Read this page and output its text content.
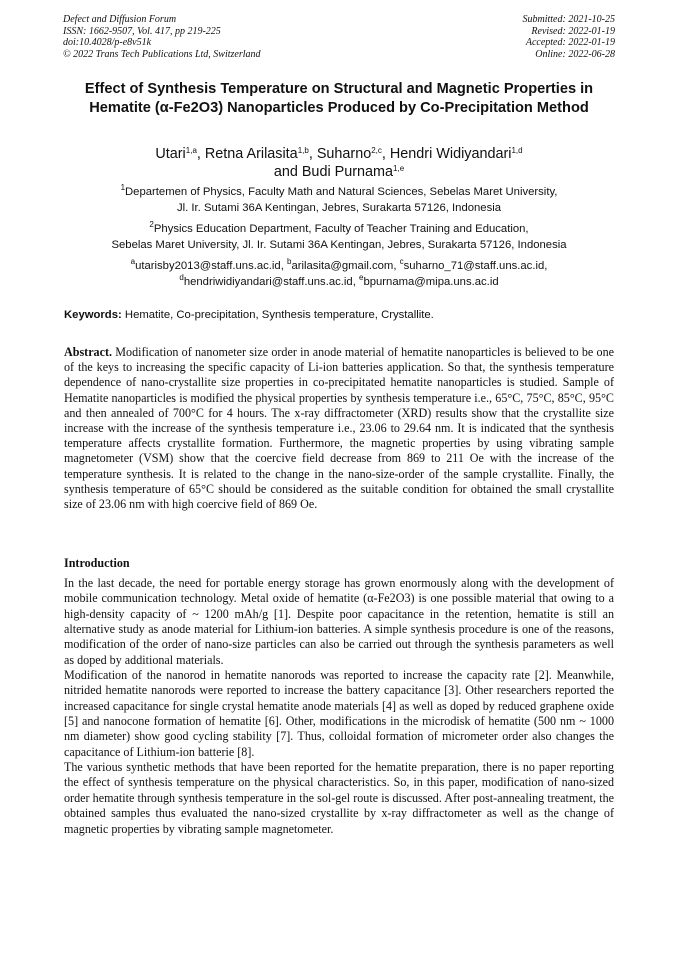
Defect and Diffusion Forum
ISSN: 1662-9507, Vol. 417, pp 219-225
doi:10.4028/p-e8v51k
© 2022 Trans Tech Publications Ltd, Switzerland
Submitted: 2021-10-25
Revised: 2022-01-19
Accepted: 2022-01-19
Online: 2022-06-28
Effect of Synthesis Temperature on Structural and Magnetic Properties in Hematite (α-Fe2O3) Nanoparticles Produced by Co-Precipitation Method
Utari$^{1,a}$, Retna Arilasita$^{1,b}$, Suharno$^{2,c}$, Hendri Widiyandari$^{1,d}$
and Budi Purnama$^{1,e}$
$^1$Departemen of Physics, Faculty Math and Natural Sciences, Sebelas Maret University,
Jl. Ir. Sutami 36A Kentingan, Jebres, Surakarta 57126, Indonesia
$^2$Physics Education Department, Faculty of Teacher Training and Education,
Sebelas Maret University, Jl. Ir. Sutami 36A Kentingan, Jebres, Surakarta 57126, Indonesia
$^a$utarisby2013@staff.uns.ac.id, $^b$arilasita@gmail.com, $^c$suharno_71@staff.uns.ac.id,
$^d$hendriwidiyandari@staff.uns.ac.id, $^e$bpurnama@mipa.uns.ac.id
Keywords: Hematite, Co-precipitation, Synthesis temperature, Crystallite.
Abstract. Modification of nanometer size order in anode material of hematite nanoparticles is believed to be one of the keys to increasing the specific capacity of Li-ion batteries application. So that, the synthesis temperature dependence of nano-crystallite size properties in co-precipitated hematite nanoparticles is studied. Sample of Hematite nanoparticles is modified the physical properties by synthesis temperature i.e., 65°C, 75°C, 85°C, 95°C and then annealed of 700°C for 4 hours. The x-ray diffractometer (XRD) results show that the crystallite size increase with the increase of the synthesis temperature i.e., 23.06 to 29.64 nm. It is indicated that the synthesis temperature affects crystallite formation. Furthermore, the magnetic properties by using vibrating sample magnetometer (VSM) show that the coercive field decrease from 869 to 211 Oe with the increase of the temperature synthesis. It is related to the change in the nano-size-order of the sample crystallite. Finally, the synthesis temperature of 65°C should be considered as the suitable condition for obtained the small crystallite size of 23.06 nm with high coercive field of 869 Oe.
Introduction

In the last decade, the need for portable energy storage has grown enormously along with the development of mobile communication technology. Metal oxide of hematite (α-Fe2O3) is one possible material that owing to a high-density capacity of ~ 1200 mAh/g [1]. Despite poor capacitance in the retention, hematite is still an alternative study as anode material for Lithium-ion batteries. A simple synthesis procedure is one of the reasons, modification of the order of nano-size particles can also be carried out through the synthesis parameters as well as doped by additional materials.

Modification of the nanorod in hematite nanorods was reported to increase the capacity rate [2]. Meanwhile, nitrided hematite nanorods were reported to increase the battery capacitance [3]. Other researchers reported the increased capacitance for single crystal hematite anode materials [4] as well as doped by reduced graphene oxide [5] and nanocone formation of hematite [6]. Other, modifications in the microdisk of hematite (500 nm ~ 1000 nm diameter) show good cycling stability [7]. Thus, colloidal formation of micrometer order also changes the capacitance of Lithium-ion batterie [8].

The various synthetic methods that have been reported for the hematite preparation, there is no paper reporting the effect of synthesis temperature on the physical characteristics. So, in this paper, modification of nano-sized order hematite through synthesis temperature in the sol-gel route is discussed. After post-annealing treatment, the obtained samples thus evaluated the nano-sized crystallite by x-ray diffractometer as well as the change of magnetic properties by vibrating sample magnetometer.
